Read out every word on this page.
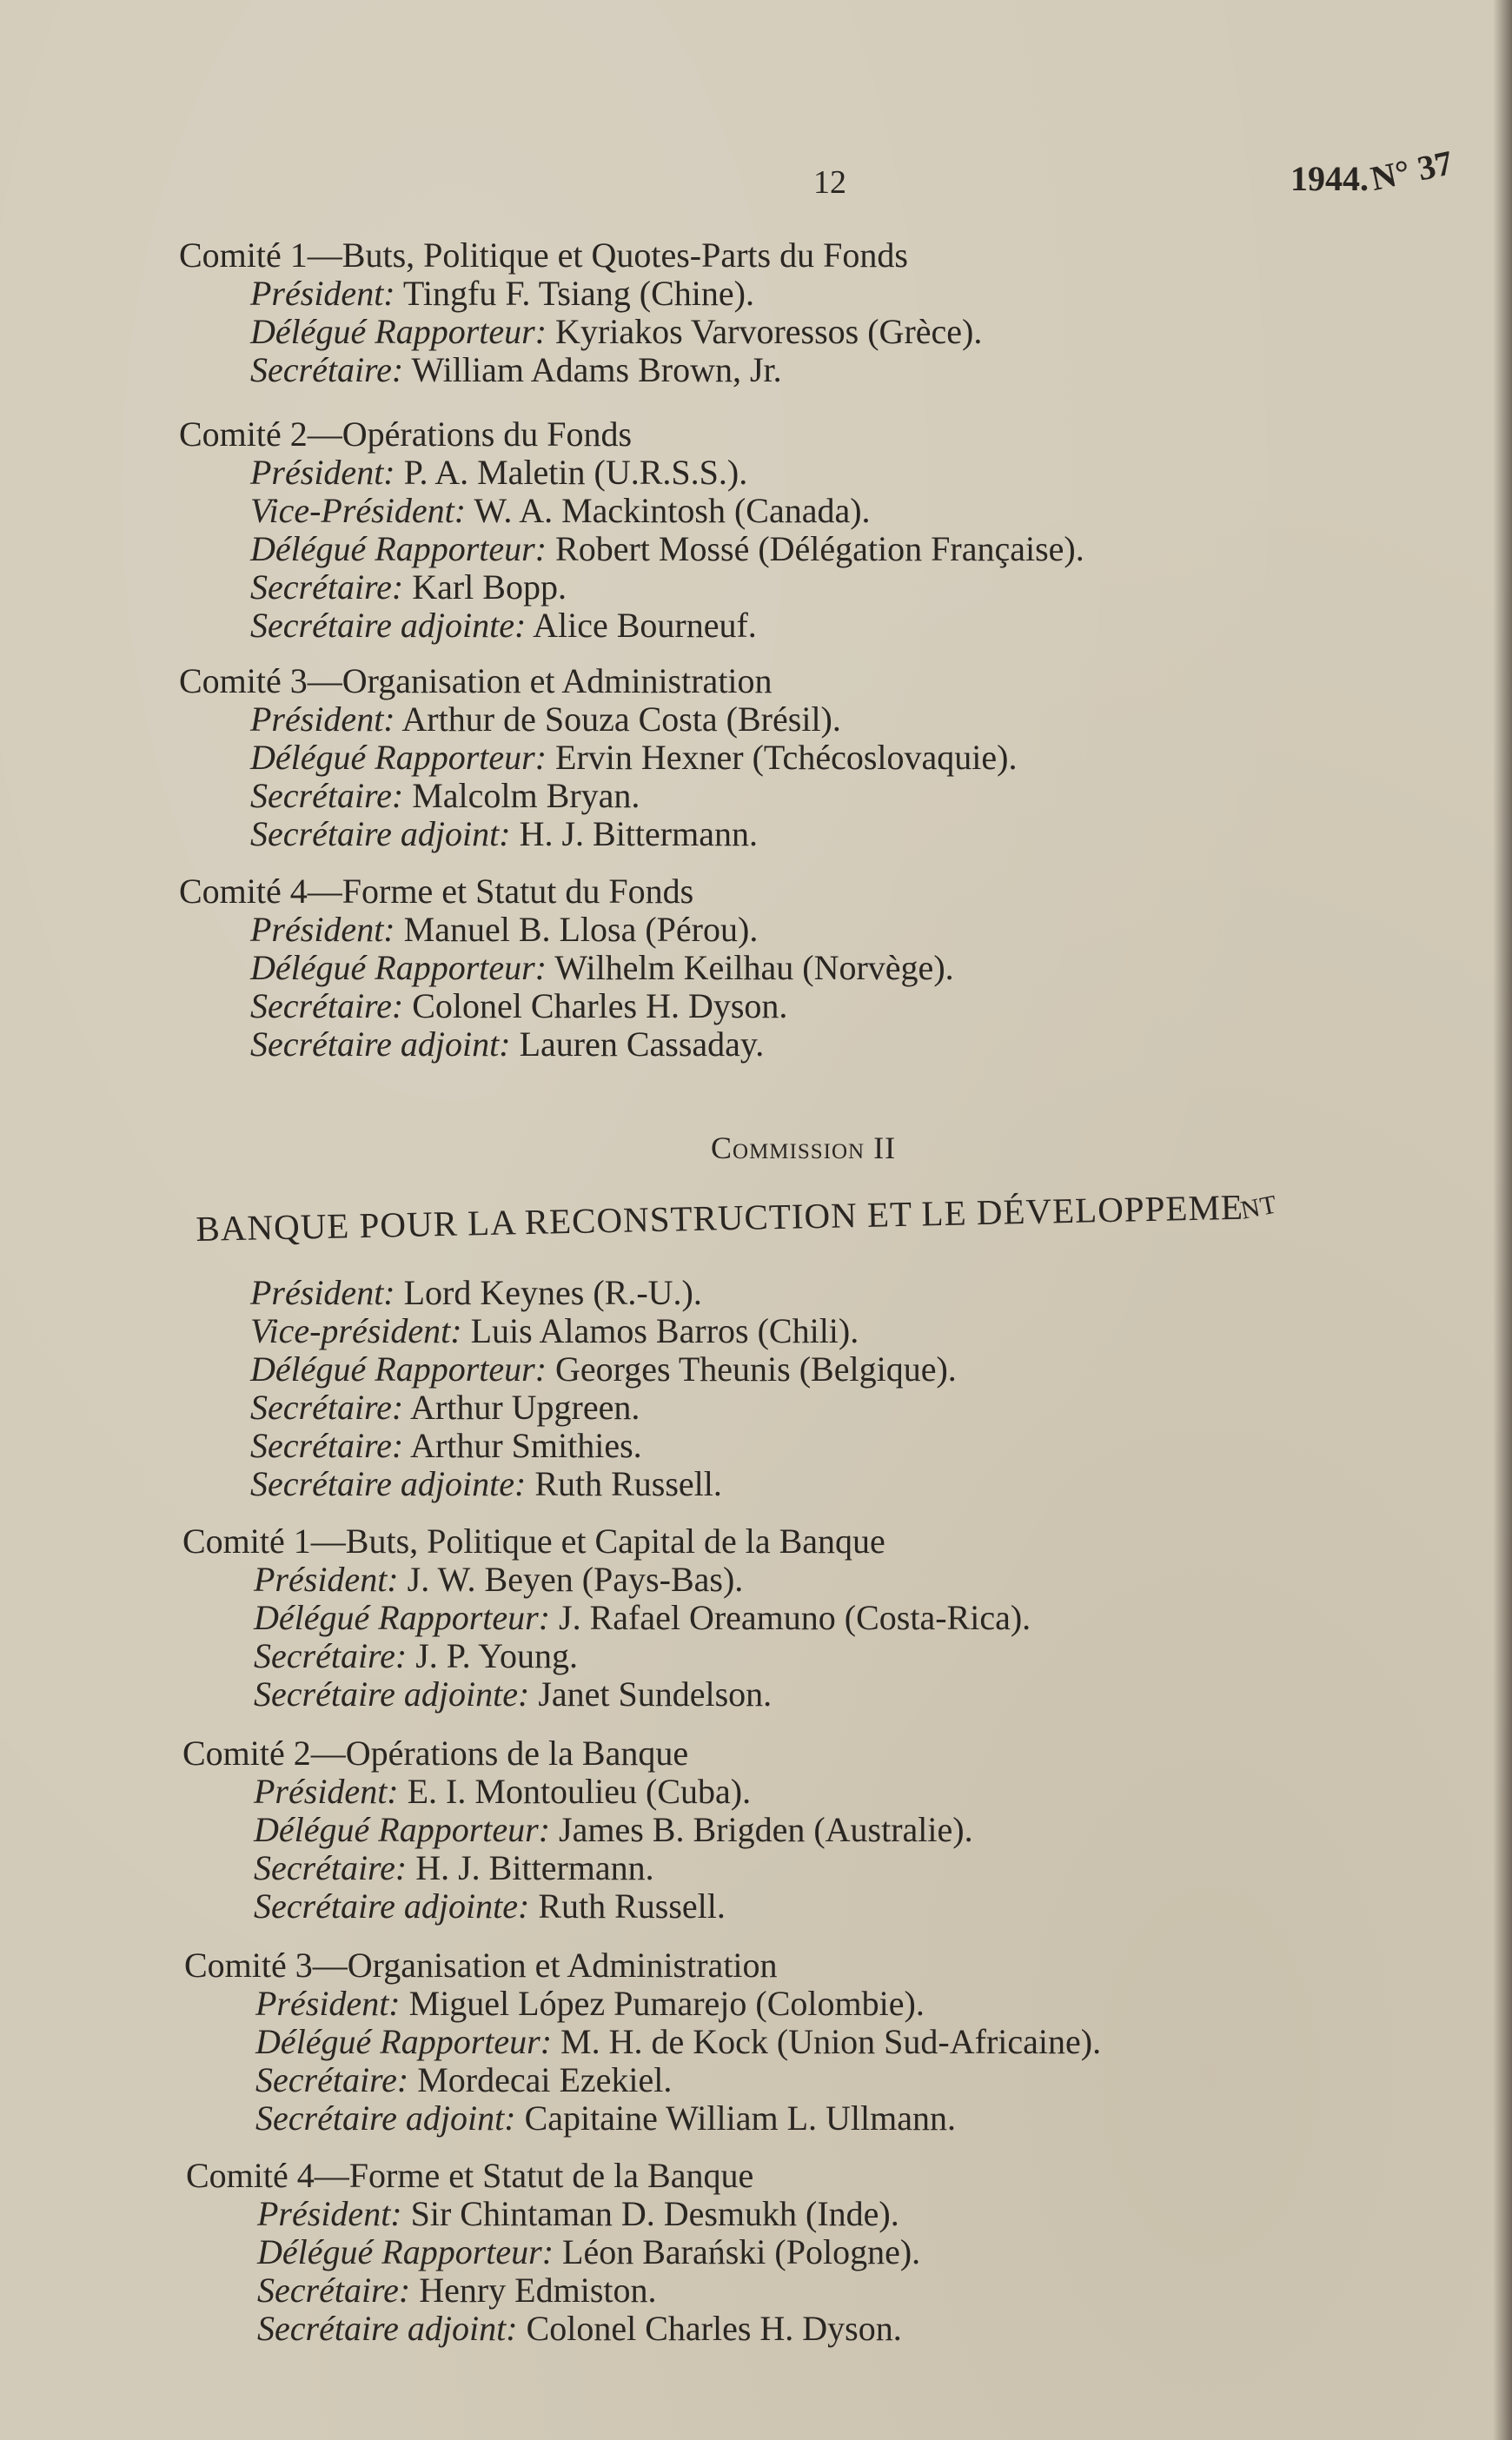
12	1944.N° 37
Comité 1—Buts, Politique et Quotes-Parts du Fonds
Président: Tingfu F. Tsiang (Chine).
Délégué Rapporteur: Kyriakos Varvoressos (Grèce).
Secrétaire: William Adams Brown, Jr.
Comité 2—Opérations du Fonds
Président: P. A. Maletin (U.R.S.S.).
Vice-Président: W. A. Mackintosh (Canada).
Délégué Rapporteur: Robert Mossé (Délégation Française).
Secrétaire: Karl Bopp.
Secrétaire adjointe: Alice Bourneuf.
Comité 3—Organisation et Administration
Président: Arthur de Souza Costa (Brésil).
Délégué Rapporteur: Ervin Hexner (Tchécoslovaquie).
Secrétaire: Malcolm Bryan.
Secrétaire adjoint: H. J. Bittermann.
Comité 4—Forme et Statut du Fonds
Président: Manuel B. Llosa (Pérou).
Délégué Rapporteur: Wilhelm Keilhau (Norvège).
Secrétaire: Colonel Charles H. Dyson.
Secrétaire adjoint: Lauren Cassaday.
Commission II
BANQUE POUR LA RECONSTRUCTION ET LE DÉVELOPPEMENT
Président: Lord Keynes (R.-U.).
Vice-président: Luis Alamos Barros (Chili).
Délégué Rapporteur: Georges Theunis (Belgique).
Secrétaire: Arthur Upgreen.
Secrétaire: Arthur Smithies.
Secrétaire adjointe: Ruth Russell.
Comité 1—Buts, Politique et Capital de la Banque
Président: J. W. Beyen (Pays-Bas).
Délégué Rapporteur: J. Rafael Oreamuno (Costa-Rica).
Secrétaire: J. P. Young.
Secrétaire adjointe: Janet Sundelson.
Comité 2—Opérations de la Banque
Président: E. I. Montoulieu (Cuba).
Délégué Rapporteur: James B. Brigden (Australie).
Secrétaire: H. J. Bittermann.
Secrétaire adjointe: Ruth Russell.
Comité 3—Organisation et Administration
Président: Miguel López Pumarejo (Colombie).
Délégué Rapporteur: M. H. de Kock (Union Sud-Africaine).
Secrétaire: Mordecai Ezekiel.
Secrétaire adjoint: Capitaine William L. Ullmann.
Comité 4—Forme et Statut de la Banque
Président: Sir Chintaman D. Desmukh (Inde).
Délégué Rapporteur: Léon Barański (Pologne).
Secrétaire: Henry Edmiston.
Secrétaire adjoint: Colonel Charles H. Dyson.
